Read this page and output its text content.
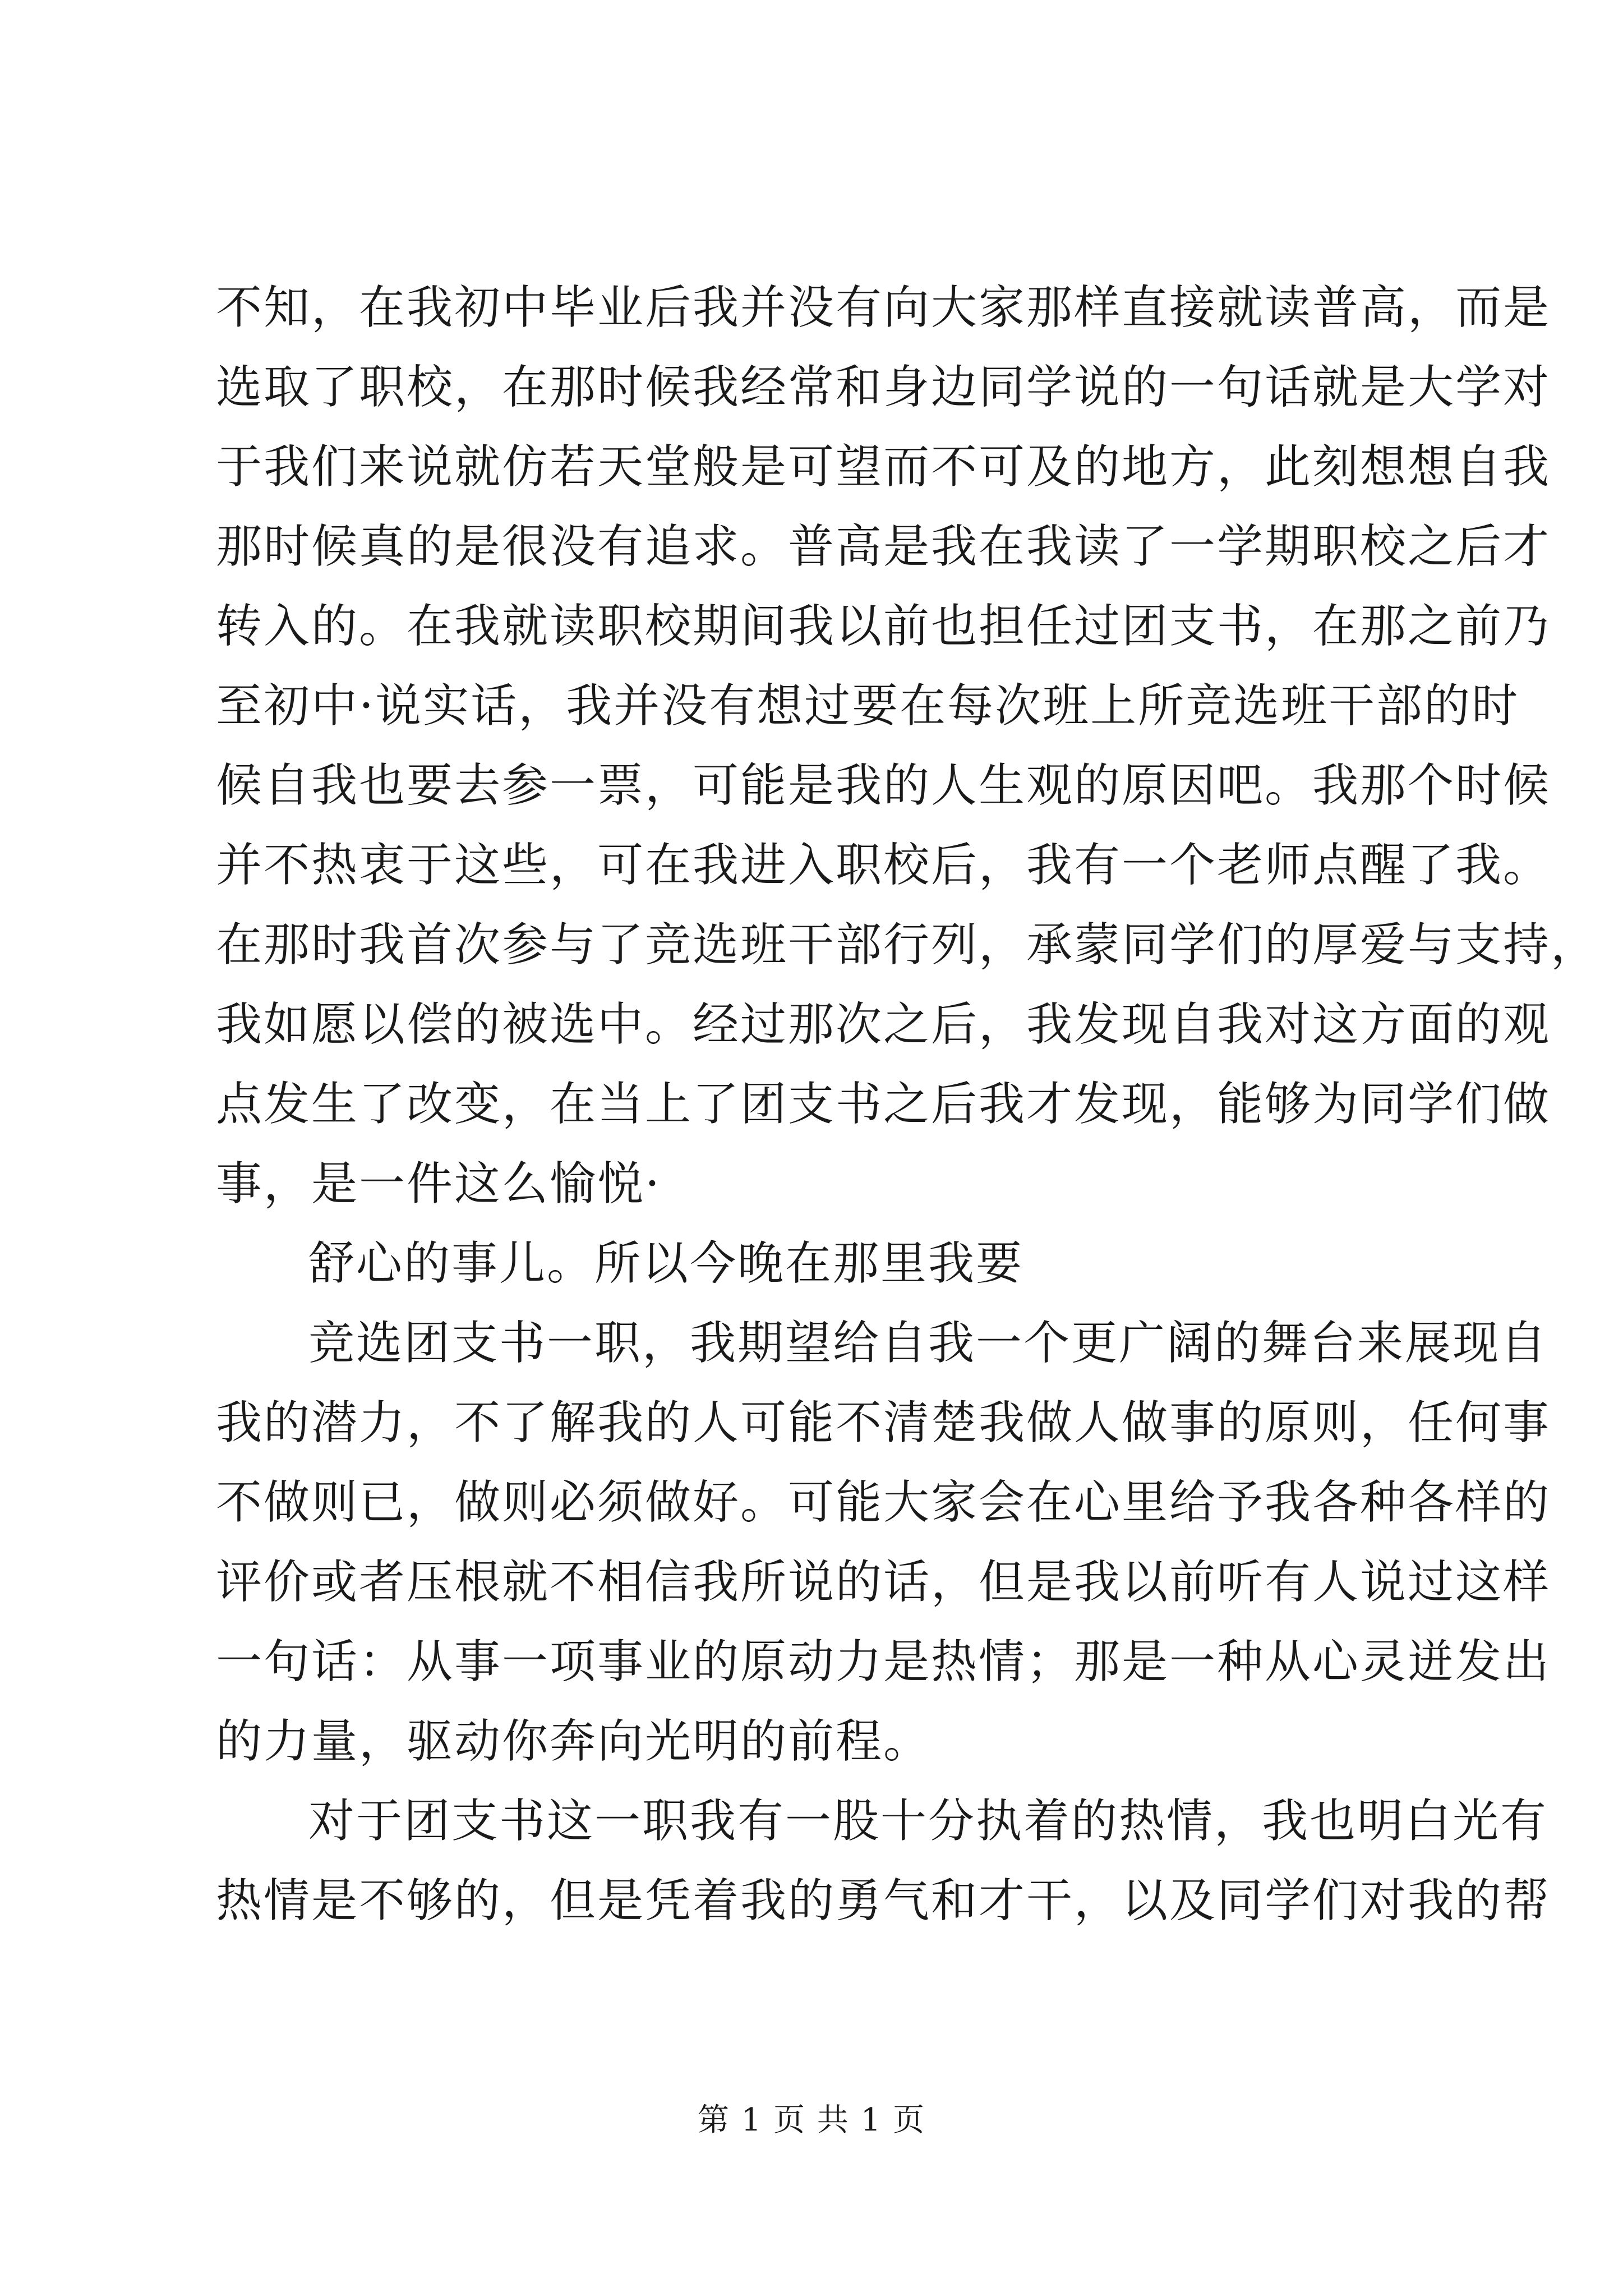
不知，在我初中毕业后我并没有向大家那样直接就读普高，而是
选取了职校，在那时候我经常和身边同学说的一句话就是大学对
于我们来说就仿若天堂般是可望而不可及的地方，此刻想想自我
那时候真的是很没有追求。普高是我在我读了一学期职校之后才
转入的。在我就读职校期间我以前也担任过团支书，在那之前乃
至初中·说实话，我并没有想过要在每次班上所竞选班干部的时
候自我也要去参一票，可能是我的人生观的原因吧。我那个时候
并不热衷于这些，可在我进入职校后，我有一个老师点醒了我。
在那时我首次参与了竞选班干部行列，承蒙同学们的厚爱与支持，
我如愿以偿的被选中。经过那次之后，我发现自我对这方面的观
点发生了改变，在当上了团支书之后我才发现，能够为同学们做
事，是一件这么愉悦·
舒心的事儿。所以今晚在那里我要
竞选团支书一职，我期望给自我一个更广阔的舞台来展现自
我的潜力，不了解我的人可能不清楚我做人做事的原则，任何事
不做则已，做则必须做好。可能大家会在心里给予我各种各样的
评价或者压根就不相信我所说的话，但是我以前听有人说过这样
一句话：从事一项事业的原动力是热情；那是一种从心灵迸发出
的力量，驱动你奔向光明的前程。
对于团支书这一职我有一股十分执着的热情，我也明白光有
热情是不够的，但是凭着我的勇气和才干，以及同学们对我的帮
第 1 页 共 1 页
